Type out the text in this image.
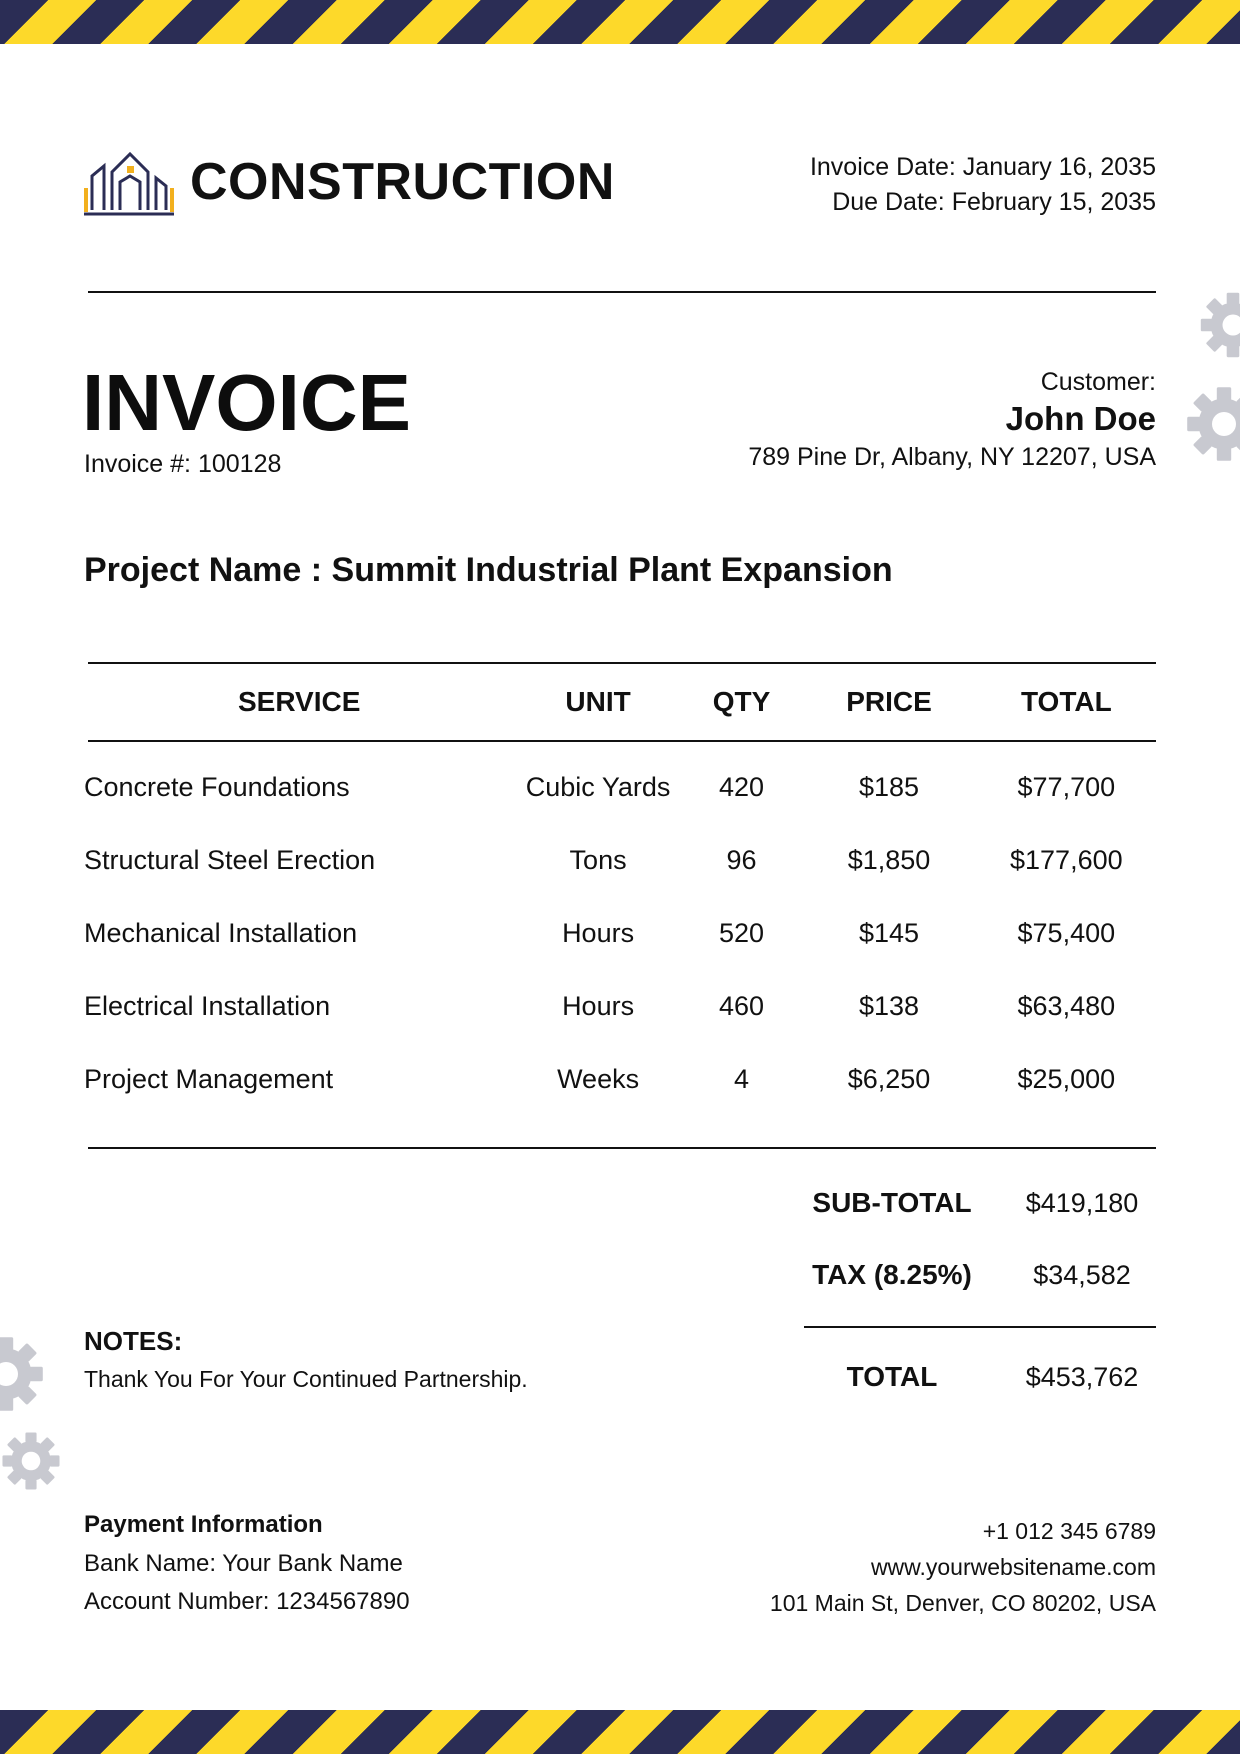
CONSTRUCTION	Invoice Date: January 16, 2035
Due Date: February 15, 2035
INVOICE
Invoice #: 100128
Customer:
John Doe
789 Pine Dr, Albany, NY 12207, USA
Project Name : Summit Industrial Plant Expansion
SERVICE	UNIT	QTY	PRICE	TOTAL
Concrete Foundations	Cubic Yards	420	$185	$77,700
Structural Steel Erection	Tons	96	$1,850	$177,600
Mechanical Installation	Hours	520	$145	$75,400
Electrical Installation	Hours	460	$138	$63,480
Project Management	Weeks	4	$6,250	$25,000
SUB-TOTAL	$419,180
TAX (8.25%)	$34,582
TOTAL	$453,762
NOTES:
Thank You For Your Continued Partnership.
Payment Information
Bank Name: Your Bank Name
Account Number: 1234567890
+1 012 345 6789
www.yourwebsitename.com
101 Main St, Denver, CO 80202, USA
